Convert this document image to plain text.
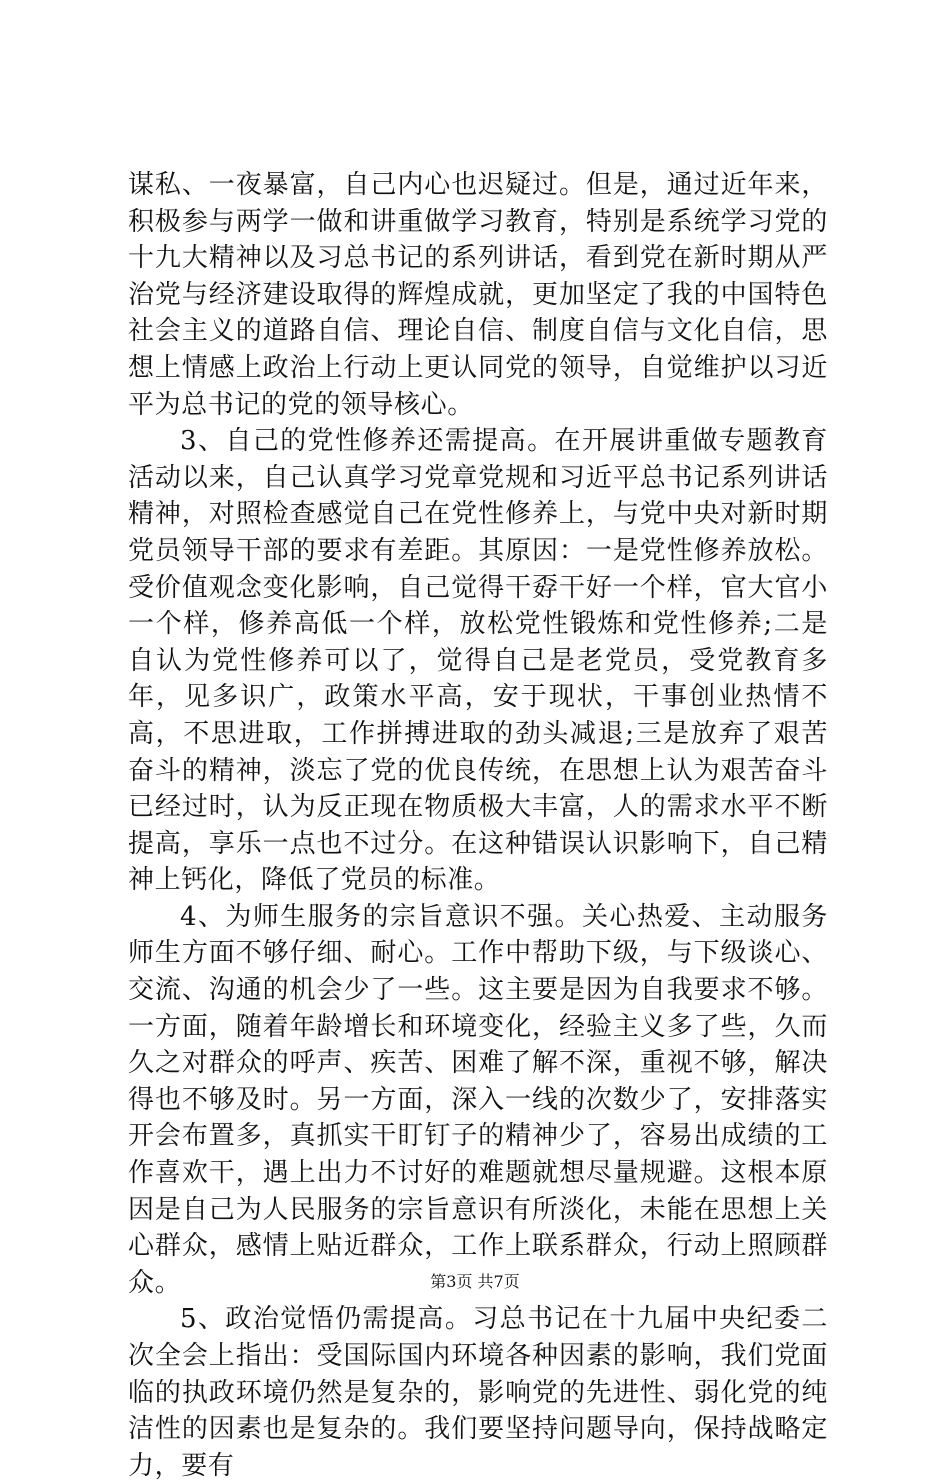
谋私、一夜暴富，自己内心也迟疑过。但是，通过近年来，积极参与两学一做和讲重做学习教育，特别是系统学习党的十九大精神以及习总书记的系列讲话，看到党在新时期从严治党与经济建设取得的辉煌成就，更加坚定了我的中国特色社会主义的道路自信、理论自信、制度自信与文化自信，思想上情感上政治上行动上更认同党的领导，自觉维护以习近平为总书记的党的领导核心。

3、自己的党性修养还需提高。在开展讲重做专题教育活动以来，自己认真学习党章党规和习近平总书记系列讲话精神，对照检查感觉自己在党性修养上，与党中央对新时期党员领导干部的要求有差距。其原因：一是党性修养放松。受价值观念变化影响，自己觉得干孬干好一个样，官大官小一个样，修养高低一个样，放松党性锻炼和党性修养;二是自认为党性修养可以了，觉得自己是老党员，受党教育多年，见多识广，政策水平高，安于现状，干事创业热情不高，不思进取，工作拼搏进取的劲头减退;三是放弃了艰苦奋斗的精神，淡忘了党的优良传统，在思想上认为艰苦奋斗已经过时，认为反正现在物质极大丰富，人的需求水平不断提高，享乐一点也不过分。在这种错误认识影响下，自己精神上钙化，降低了党员的标准。

4、为师生服务的宗旨意识不强。关心热爱、主动服务师生方面不够仔细、耐心。工作中帮助下级，与下级谈心、交流、沟通的机会少了一些。这主要是因为自我要求不够。一方面，随着年龄增长和环境变化，经验主义多了些，久而久之对群众的呼声、疾苦、困难了解不深，重视不够，解决得也不够及时。另一方面，深入一线的次数少了，安排落实开会布置多，真抓实干盯钉子的精神少了，容易出成绩的工作喜欢干，遇上出力不讨好的难题就想尽量规避。这根本原因是自己为人民服务的宗旨意识有所淡化，未能在思想上关心群众，感情上贴近群众，工作上联系群众，行动上照顾群众。

5、政治觉悟仍需提高。习总书记在十九届中央纪委二次全会上指出：受国际国内环境各种因素的影响，我们党面临的执政环境仍然是复杂的，影响党的先进性、弱化党的纯洁性的因素也是复杂的。我们要坚持问题导向，保持战略定力，要有

第3页 共7页
